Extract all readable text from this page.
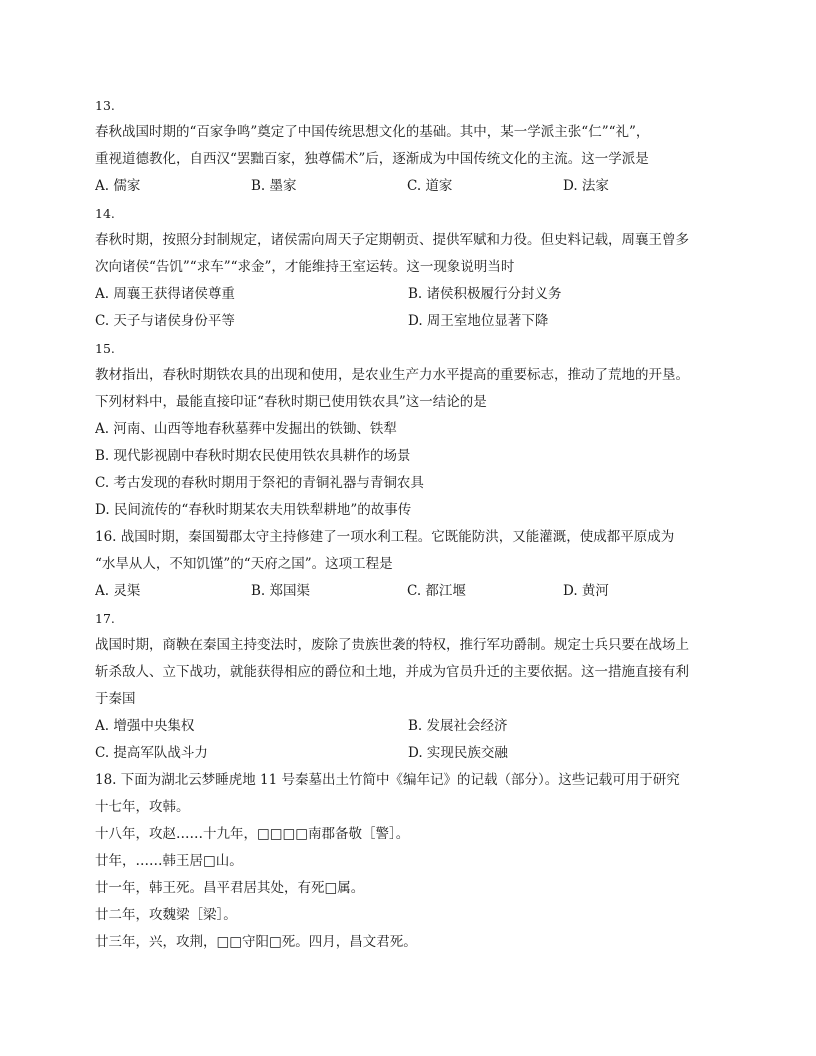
13.
春秋战国时期的“百家争鸣”奠定了中国传统思想文化的基础。其中，某一学派主张“仁”“礼”，
重视道德教化，自西汉“罢黜百家，独尊儒术”后，逐渐成为中国传统文化的主流。这一学派是
A. 儒家	B. 墨家	C. 道家	D. 法家
14.
春秋时期，按照分封制规定，诸侯需向周天子定期朝贡、提供军赋和力役。但史料记载，周襄王曾多
次向诸侯“告饥”“求车”“求金”，才能维持王室运转。这一现象说明当时
A. 周襄王获得诸侯尊重	B. 诸侯积极履行分封义务
C. 天子与诸侯身份平等	D. 周王室地位显著下降
15.
教材指出，春秋时期铁农具的出现和使用，是农业生产力水平提高的重要标志，推动了荒地的开垦。
下列材料中，最能直接印证“春秋时期已使用铁农具”这一结论的是
A. 河南、山西等地春秋墓葬中发掘出的铁锄、铁犁
B. 现代影视剧中春秋时期农民使用铁农具耕作的场景
C. 考古发现的春秋时期用于祭祀的青铜礼器与青铜农具
D. 民间流传的“春秋时期某农夫用铁犁耕地”的故事传
16. 战国时期，秦国蜀郡太守主持修建了一项水利工程。它既能防洪，又能灌溉，使成都平原成为
“水旱从人，不知饥馑”的“天府之国”。这项工程是
A. 灵渠	B. 郑国渠	C. 都江堰	D. 黄河
17.
战国时期，商鞅在秦国主持变法时，废除了贵族世袭的特权，推行军功爵制。规定士兵只要在战场上
斩杀敌人、立下战功，就能获得相应的爵位和土地，并成为官员升迁的主要依据。这一措施直接有利
于秦国
A. 增强中央集权	B. 发展社会经济
C. 提高军队战斗力	D. 实现民族交融
18. 下面为湖北云梦睡虎地 11 号秦墓出土竹简中《编年记》的记载（部分）。这些记载可用于研究
十七年，攻韩。
十八年，攻赵……十九年，□□□□南郡备敬［警］。
廿年，……韩王居□山。
廿一年，韩王死。昌平君居其处，有死□属。
廿二年，攻魏梁［梁］。
廿三年，兴，攻荆，□□守阳□死。四月，昌文君死。
